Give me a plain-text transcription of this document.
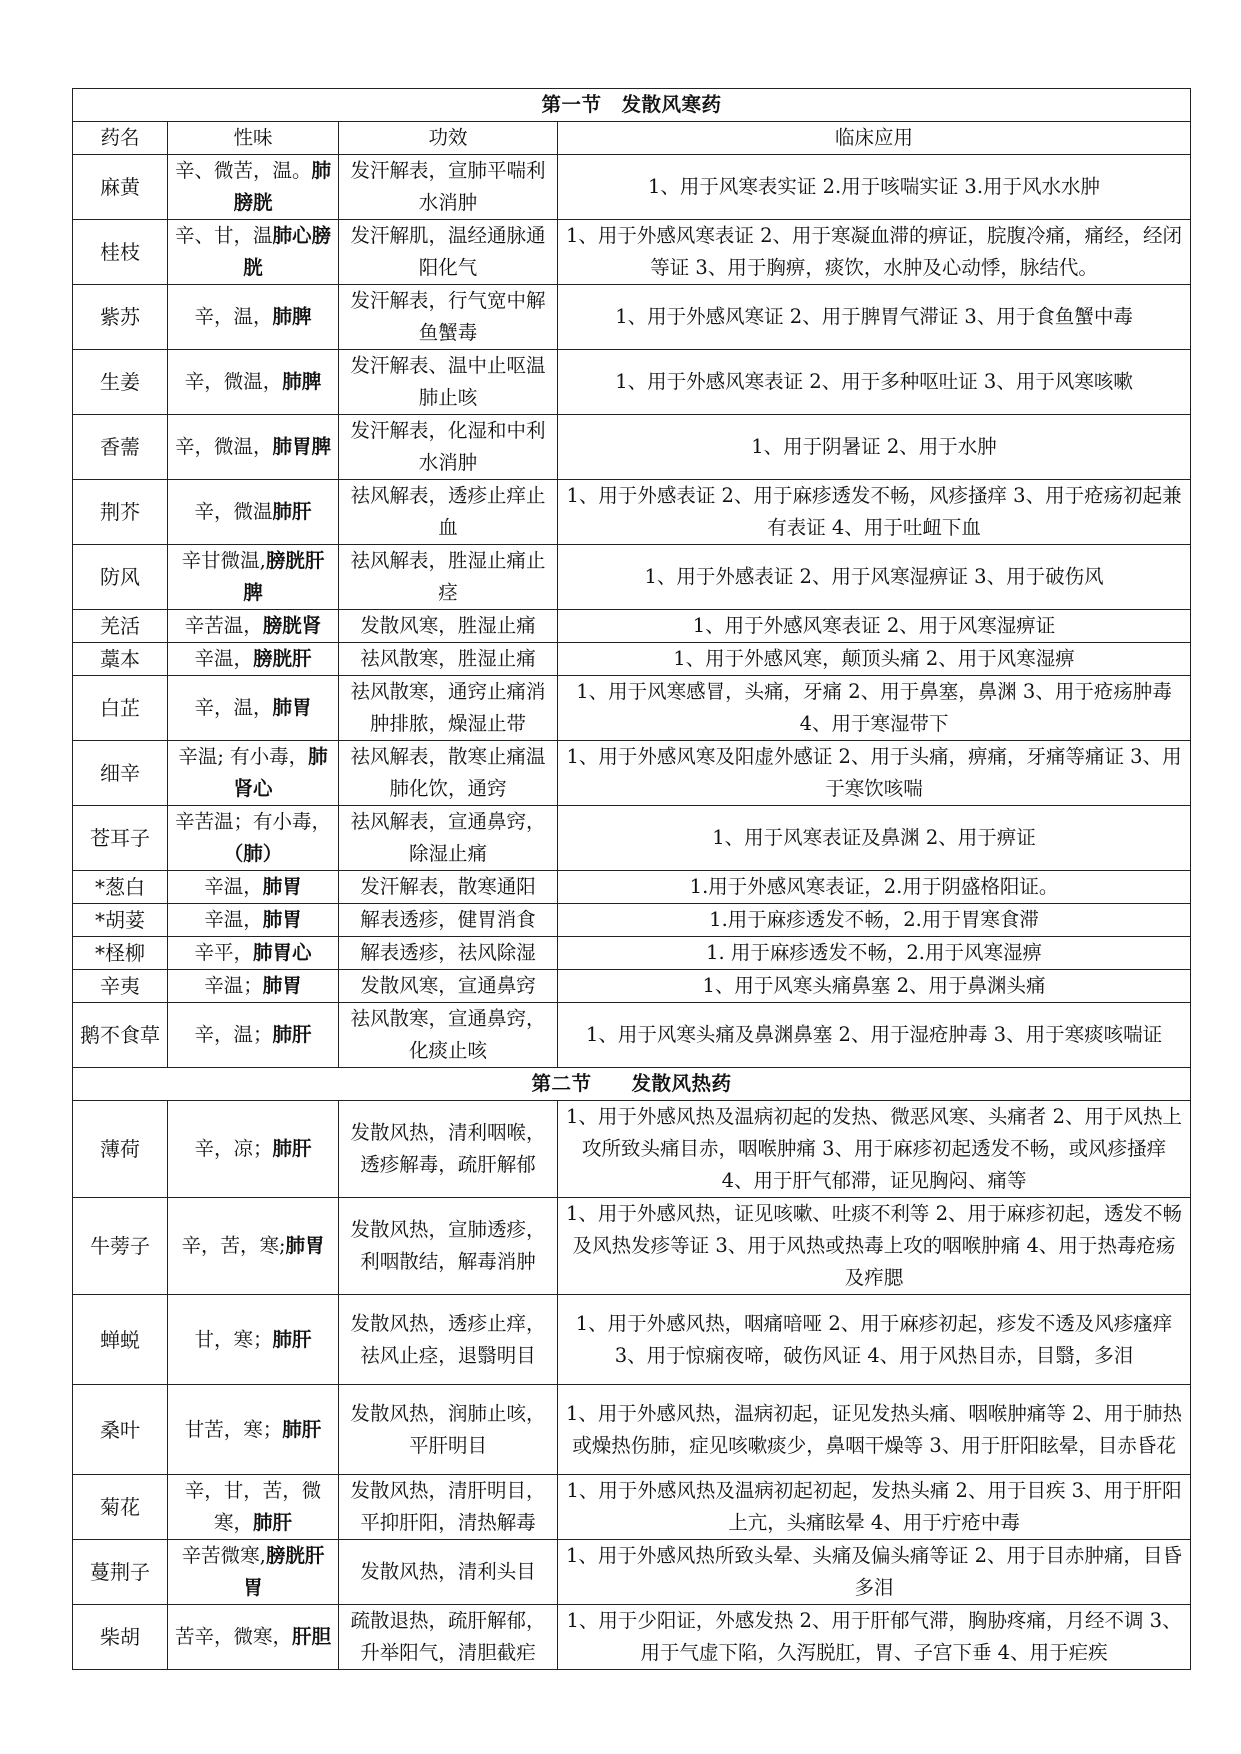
第一节　发散风寒药			
药名	性味	功效	临床应用
麻黄	辛、微苦，温。肺膀胱	发汗解表，宣肺平喘利水消肿	1、用于风寒表实证 2.用于咳喘实证 3.用于风水水肿
桂枝	辛、甘，温肺心膀胱	发汗解肌，温经通脉通阳化气	1、用于外感风寒表证 2、用于寒凝血滞的痹证，脘腹冷痛，痛经，经闭等证 3、用于胸痹，痰饮，水肿及心动悸，脉结代。
紫苏	辛，温，肺脾	发汗解表，行气宽中解鱼蟹毒	1、用于外感风寒证 2、用于脾胃气滞证 3、用于食鱼蟹中毒
生姜	辛，微温，肺脾	发汗解表、温中止呕温肺止咳	1、用于外感风寒表证 2、用于多种呕吐证 3、用于风寒咳嗽
香薷	辛，微温，肺胃脾	发汗解表，化湿和中利水消肿	1、用于阴暑证 2、用于水肿
荆芥	辛，微温肺肝	祛风解表，透疹止痒止血	1、用于外感表证 2、用于麻疹透发不畅，风疹搔痒 3、用于疮疡初起兼有表证 4、用于吐衄下血
防风	辛甘微温,膀胱肝脾	祛风解表，胜湿止痛止痉	1、用于外感表证 2、用于风寒湿痹证 3、用于破伤风
羌活	辛苦温，膀胱肾	发散风寒，胜湿止痛	1、用于外感风寒表证 2、用于风寒湿痹证
藁本	辛温，膀胱肝	祛风散寒，胜湿止痛	1、用于外感风寒，颠顶头痛 2、用于风寒湿痹
白芷	辛，温，肺胃	祛风散寒，通窍止痛消肿排脓，燥湿止带	1、用于风寒感冒，头痛，牙痛 2、用于鼻塞，鼻渊 3、用于疮疡肿毒 4、用于寒湿带下
细辛	辛温; 有小毒，肺肾心	祛风解表，散寒止痛温肺化饮，通窍	1、用于外感风寒及阳虚外感证 2、用于头痛，痹痛，牙痛等痛证 3、用于寒饮咳喘
苍耳子	辛苦温；有小毒，（肺）	祛风解表，宣通鼻窍，除湿止痛	1、用于风寒表证及鼻渊 2、用于痹证
*葱白	辛温，肺胃	发汗解表，散寒通阳	1.用于外感风寒表证，2.用于阴盛格阳证。
*胡荽	辛温，肺胃	解表透疹，健胃消食	1.用于麻疹透发不畅，2.用于胃寒食滞
*柽柳	辛平，肺胃心	解表透疹，祛风除湿	1. 用于麻疹透发不畅，2.用于风寒湿痹
辛夷	辛温；肺胃	发散风寒，宣通鼻窍	1、用于风寒头痛鼻塞 2、用于鼻渊头痛
鹅不食草	辛，温；肺肝	祛风散寒，宣通鼻窍，化痰止咳	1、用于风寒头痛及鼻渊鼻塞 2、用于湿疮肿毒 3、用于寒痰咳喘证
第二节　　发散风热药			
薄荷	辛，凉；肺肝	发散风热，清利咽喉，透疹解毒，疏肝解郁	1、用于外感风热及温病初起的发热、微恶风寒、头痛者 2、用于风热上攻所致头痛目赤，咽喉肿痛 3、用于麻疹初起透发不畅，或风疹搔痒 4、用于肝气郁滞，证见胸闷、痛等
牛蒡子	辛，苦，寒;肺胃	发散风热，宣肺透疹，利咽散结，解毒消肿	1、用于外感风热，证见咳嗽、吐痰不利等 2、用于麻疹初起，透发不畅及风热发疹等证 3、用于风热或热毒上攻的咽喉肿痛 4、用于热毒疮疡及痄腮
蝉蜕	甘，寒；肺肝	发散风热，透疹止痒，祛风止痉，退翳明目	1、用于外感风热，咽痛喑哑 2、用于麻疹初起，疹发不透及风疹瘙痒 3、用于惊痫夜啼，破伤风证 4、用于风热目赤，目翳，多泪
桑叶	甘苦，寒；肺肝	发散风热，润肺止咳，平肝明目	1、用于外感风热，温病初起，证见发热头痛、咽喉肿痛等 2、用于肺热或燥热伤肺，症见咳嗽痰少，鼻咽干燥等 3、用于肝阳眩晕，目赤昏花
菊花	辛，甘，苦，微寒，肺肝	发散风热，清肝明目，平抑肝阳，清热解毒	1、用于外感风热及温病初起初起，发热头痛 2、用于目疾 3、用于肝阳上亢，头痛眩晕 4、用于疔疮中毒
蔓荆子	辛苦微寒,膀胱肝胃	发散风热，清利头目	1、用于外感风热所致头晕、头痛及偏头痛等证 2、用于目赤肿痛，目昏多泪
柴胡	苦辛，微寒，肝胆	疏散退热，疏肝解郁，升举阳气，清胆截疟	1、用于少阳证，外感发热 2、用于肝郁气滞，胸胁疼痛，月经不调 3、用于气虚下陷，久泻脱肛，胃、子宫下垂 4、用于疟疾
